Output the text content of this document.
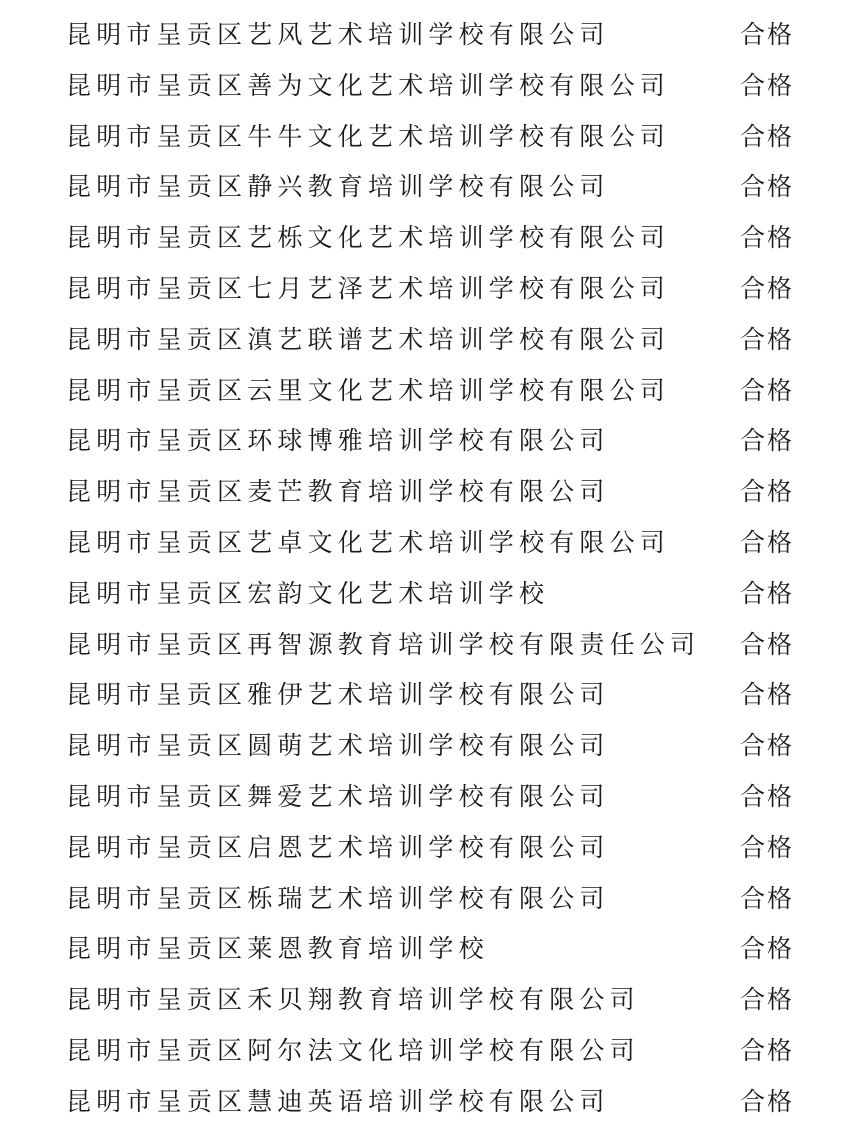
昆明市呈贡区艺风艺术培训学校有限公司	合格
昆明市呈贡区善为文化艺术培训学校有限公司	合格
昆明市呈贡区牛牛文化艺术培训学校有限公司	合格
昆明市呈贡区静兴教育培训学校有限公司	合格
昆明市呈贡区艺栎文化艺术培训学校有限公司	合格
昆明市呈贡区七月艺泽艺术培训学校有限公司	合格
昆明市呈贡区滇艺联谱艺术培训学校有限公司	合格
昆明市呈贡区云里文化艺术培训学校有限公司	合格
昆明市呈贡区环球博雅培训学校有限公司	合格
昆明市呈贡区麦芒教育培训学校有限公司	合格
昆明市呈贡区艺卓文化艺术培训学校有限公司	合格
昆明市呈贡区宏韵文化艺术培训学校	合格
昆明市呈贡区再智源教育培训学校有限责任公司 合格
昆明市呈贡区雅伊艺术培训学校有限公司	合格
昆明市呈贡区圆萌艺术培训学校有限公司	合格
昆明市呈贡区舞爱艺术培训学校有限公司	合格
昆明市呈贡区启恩艺术培训学校有限公司	合格
昆明市呈贡区栎瑞艺术培训学校有限公司	合格
昆明市呈贡区莱恩教育培训学校	合格
昆明市呈贡区禾贝翔教育培训学校有限公司	合格
昆明市呈贡区阿尔法文化培训学校有限公司	合格
昆明市呈贡区慧迪英语培训学校有限公司	合格
